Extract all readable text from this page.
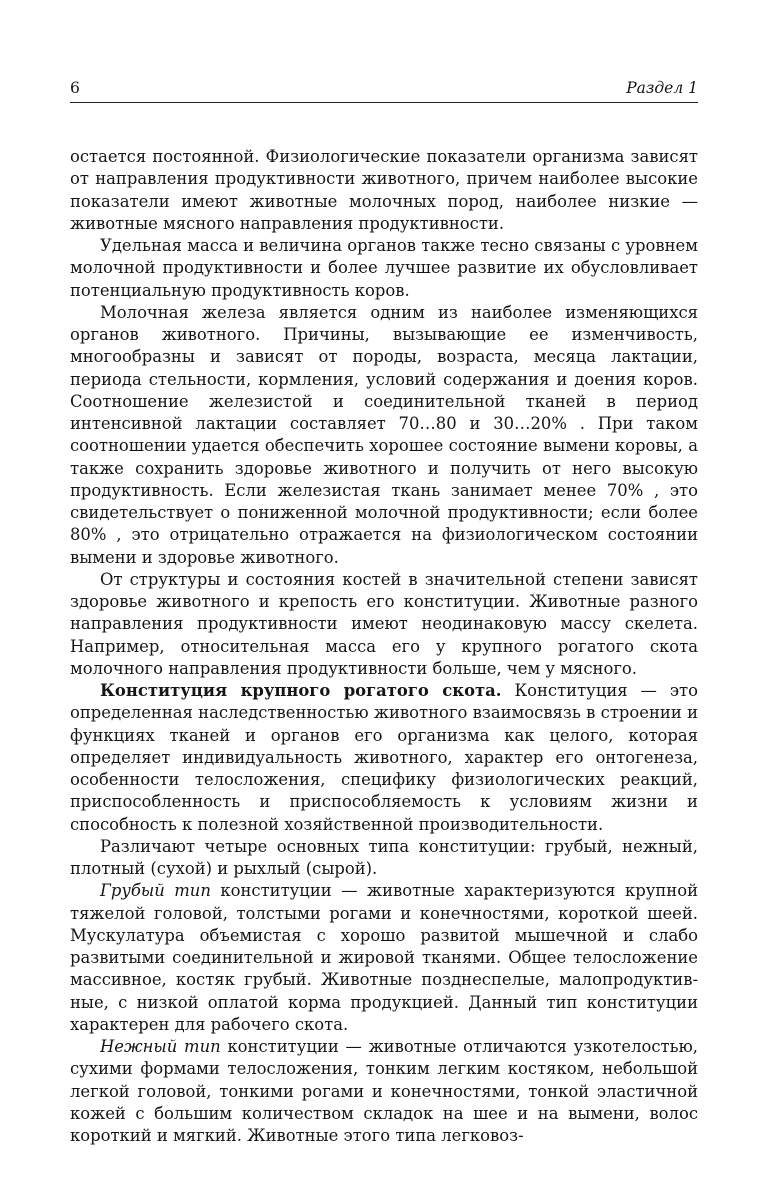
6	Раздел 1

остается постоянной. Физиологические показатели организма зависят от направления продуктивности животного, причем наиболее высокие показатели имеют животные молочных пород, наиболее низкие — животные мясного направления продуктивности.

Удельная масса и величина органов также тесно связаны с уровнем молочной продуктивности и более лучшее развитие их обусловливает потенциальную продуктивность коров.

Молочная железа является одним из наиболее изменяющихся органов животного. Причины, вызывающие ее изменчивость, многообразны и зависят от породы, возраста, месяца лактации, периода стельности, кормления, условий содержания и доения коров. Соотношение железистой и соединительной тканей в период интенсивной лактации составляет 70…80 и 30…20% . При таком соотношении удается обеспечить хорошее состояние вымени коровы, а также сохранить здоровье животного и получить от него высокую продуктивность. Если железистая ткань занимает менее 70% , это свидетельствует о пониженной молочной продуктивности; если более 80% , это отрицательно отражается на физиологическом состоянии вымени и здоровье животного.

От структуры и состояния костей в значительной степени зависят здоровье животного и крепость его конституции. Животные разного направления продуктивности имеют неодинаковую массу скелета. Например, относительная масса его у крупного рогатого скота молочного направления продуктивности больше, чем у мясного.

Конституция крупного рогатого скота. Конституция — это определенная наследственностью животного взаимосвязь в строении и функциях тканей и органов его организма как целого, которая определяет индивидуальность животного, характер его онтогенеза, особенности телосложения, специфику физиологических реакций, приспособленность и приспособляемость к условиям жизни и способность к полезной хозяйственной производительности.

Различают четыре основных типа конституции: грубый, нежный, плотный (сухой) и рыхлый (сырой).

Грубый тип конституции — животные характеризуются крупной тяжелой головой, толстыми рогами и конечностями, короткой шеей. Мускулатура объемистая с хорошо развитой мышечной и слабо развитыми соединительной и жировой тканями. Общее телосложение массивное, костяк грубый. Животные позднеспелые, малопродуктивные, с низкой оплатой корма продукцией. Данный тип конституции характерен для рабочего скота.

Нежный тип конституции — животные отличаются узкотелостью, сухими формами телосложения, тонким легким костяком, небольшой легкой головой, тонкими рогами и конечностями, тонкой эластичной кожей с большим количеством складок на шее и на вымени, волос короткий и мягкий. Животные этого типа легковоз-
